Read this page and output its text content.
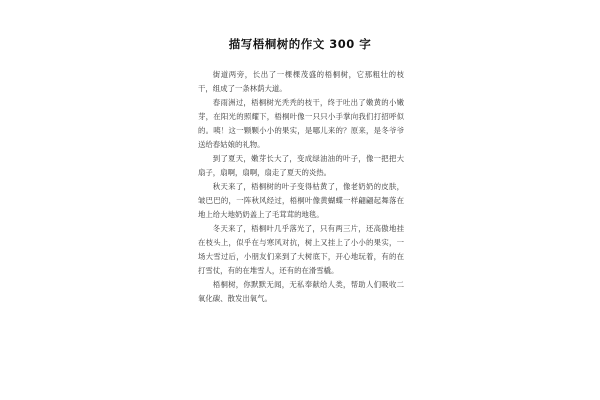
描写梧桐树的作文 300 字

街道两旁，长出了一棵棵茂盛的梧桐树，它那粗壮的枝干，组成了一条林荫大道。

春雨洲过，梧桐树光秃秃的枝干，终于吐出了嫩黄的小嫩芽，在阳光的照耀下，梧桐叶像一只只小手掌向我们打招呼似的。咦！这一颗颗小小的果实，是哪儿来的？原来，是冬爷爷送给春姑娘的礼物。

到了夏天，嫩芽长大了，变成绿油油的叶子，像一把把大扇子，扇啊，扇啊，扇走了夏天的炎热。

秋天来了，梧桐树的叶子变得枯黄了，像老奶奶的皮肤，皱巴巴的，一阵秋风经过，梧桐叶像黄蝴蝶一样翩翩起舞落在地上给大地奶奶盖上了毛茸茸的地毯。

冬天来了，梧桐叶几乎落光了，只有两三片，还高傲地挂在枝头上，似乎在与寒风对抗，树上又挂上了小小的果实，一场大雪过后，小朋友们来到了大树底下，开心地玩着，有的在打雪仗，有的在堆雪人，还有的在滑雪橇。

梧桐树，你默默无闻，无私奉献给人类，帮助人们吸收二氧化碳、散发出氧气。
